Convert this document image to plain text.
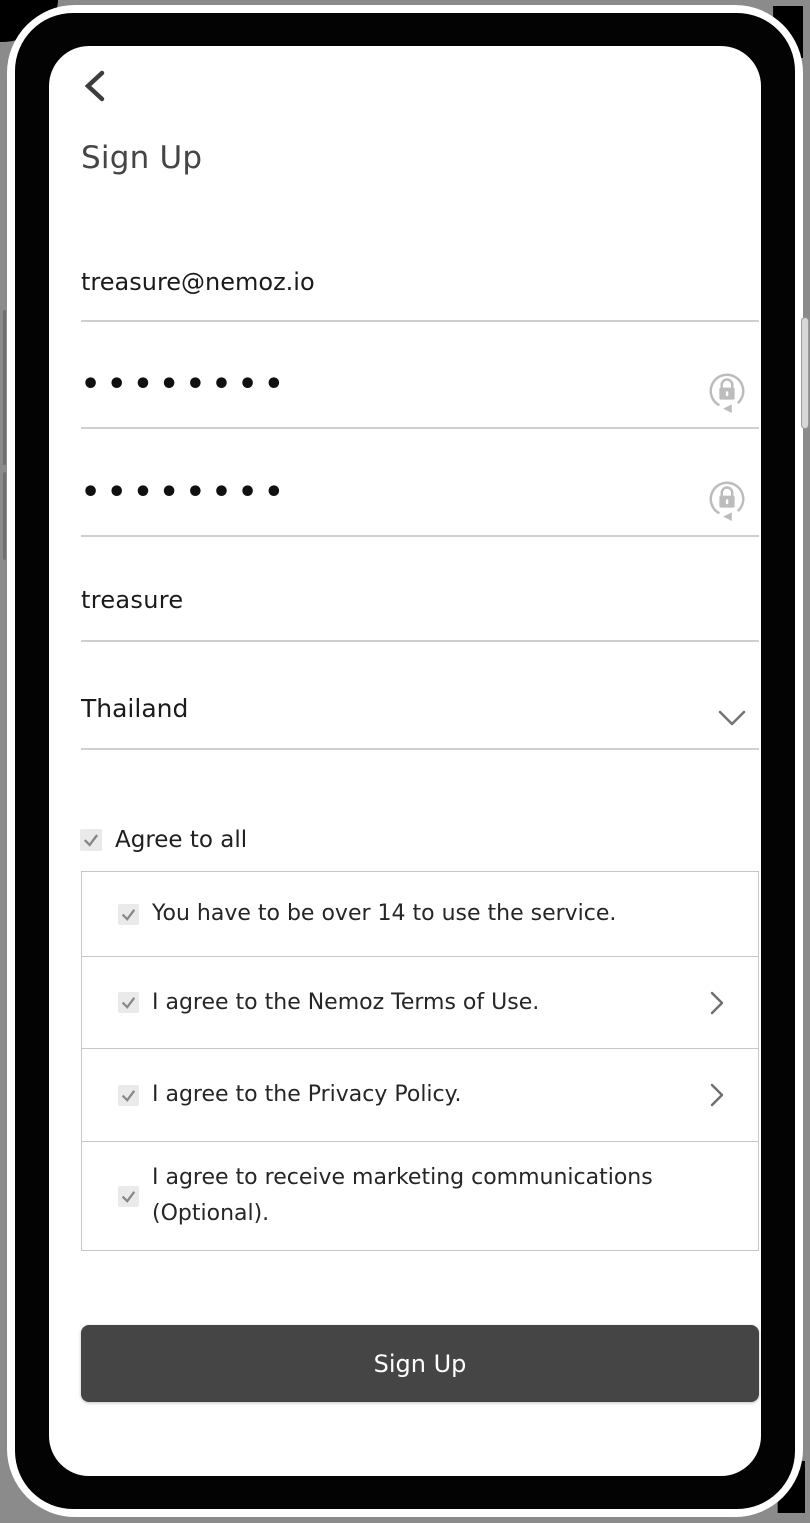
Sign Up
treasure@nemoz.io
••••••••
••••••••
treasure
Thailand
Agree to all
You have to be over 14 to use the service.
I agree to the Nemoz Terms of Use.
I agree to the Privacy Policy.
I agree to receive marketing communications (Optional).
Sign Up
